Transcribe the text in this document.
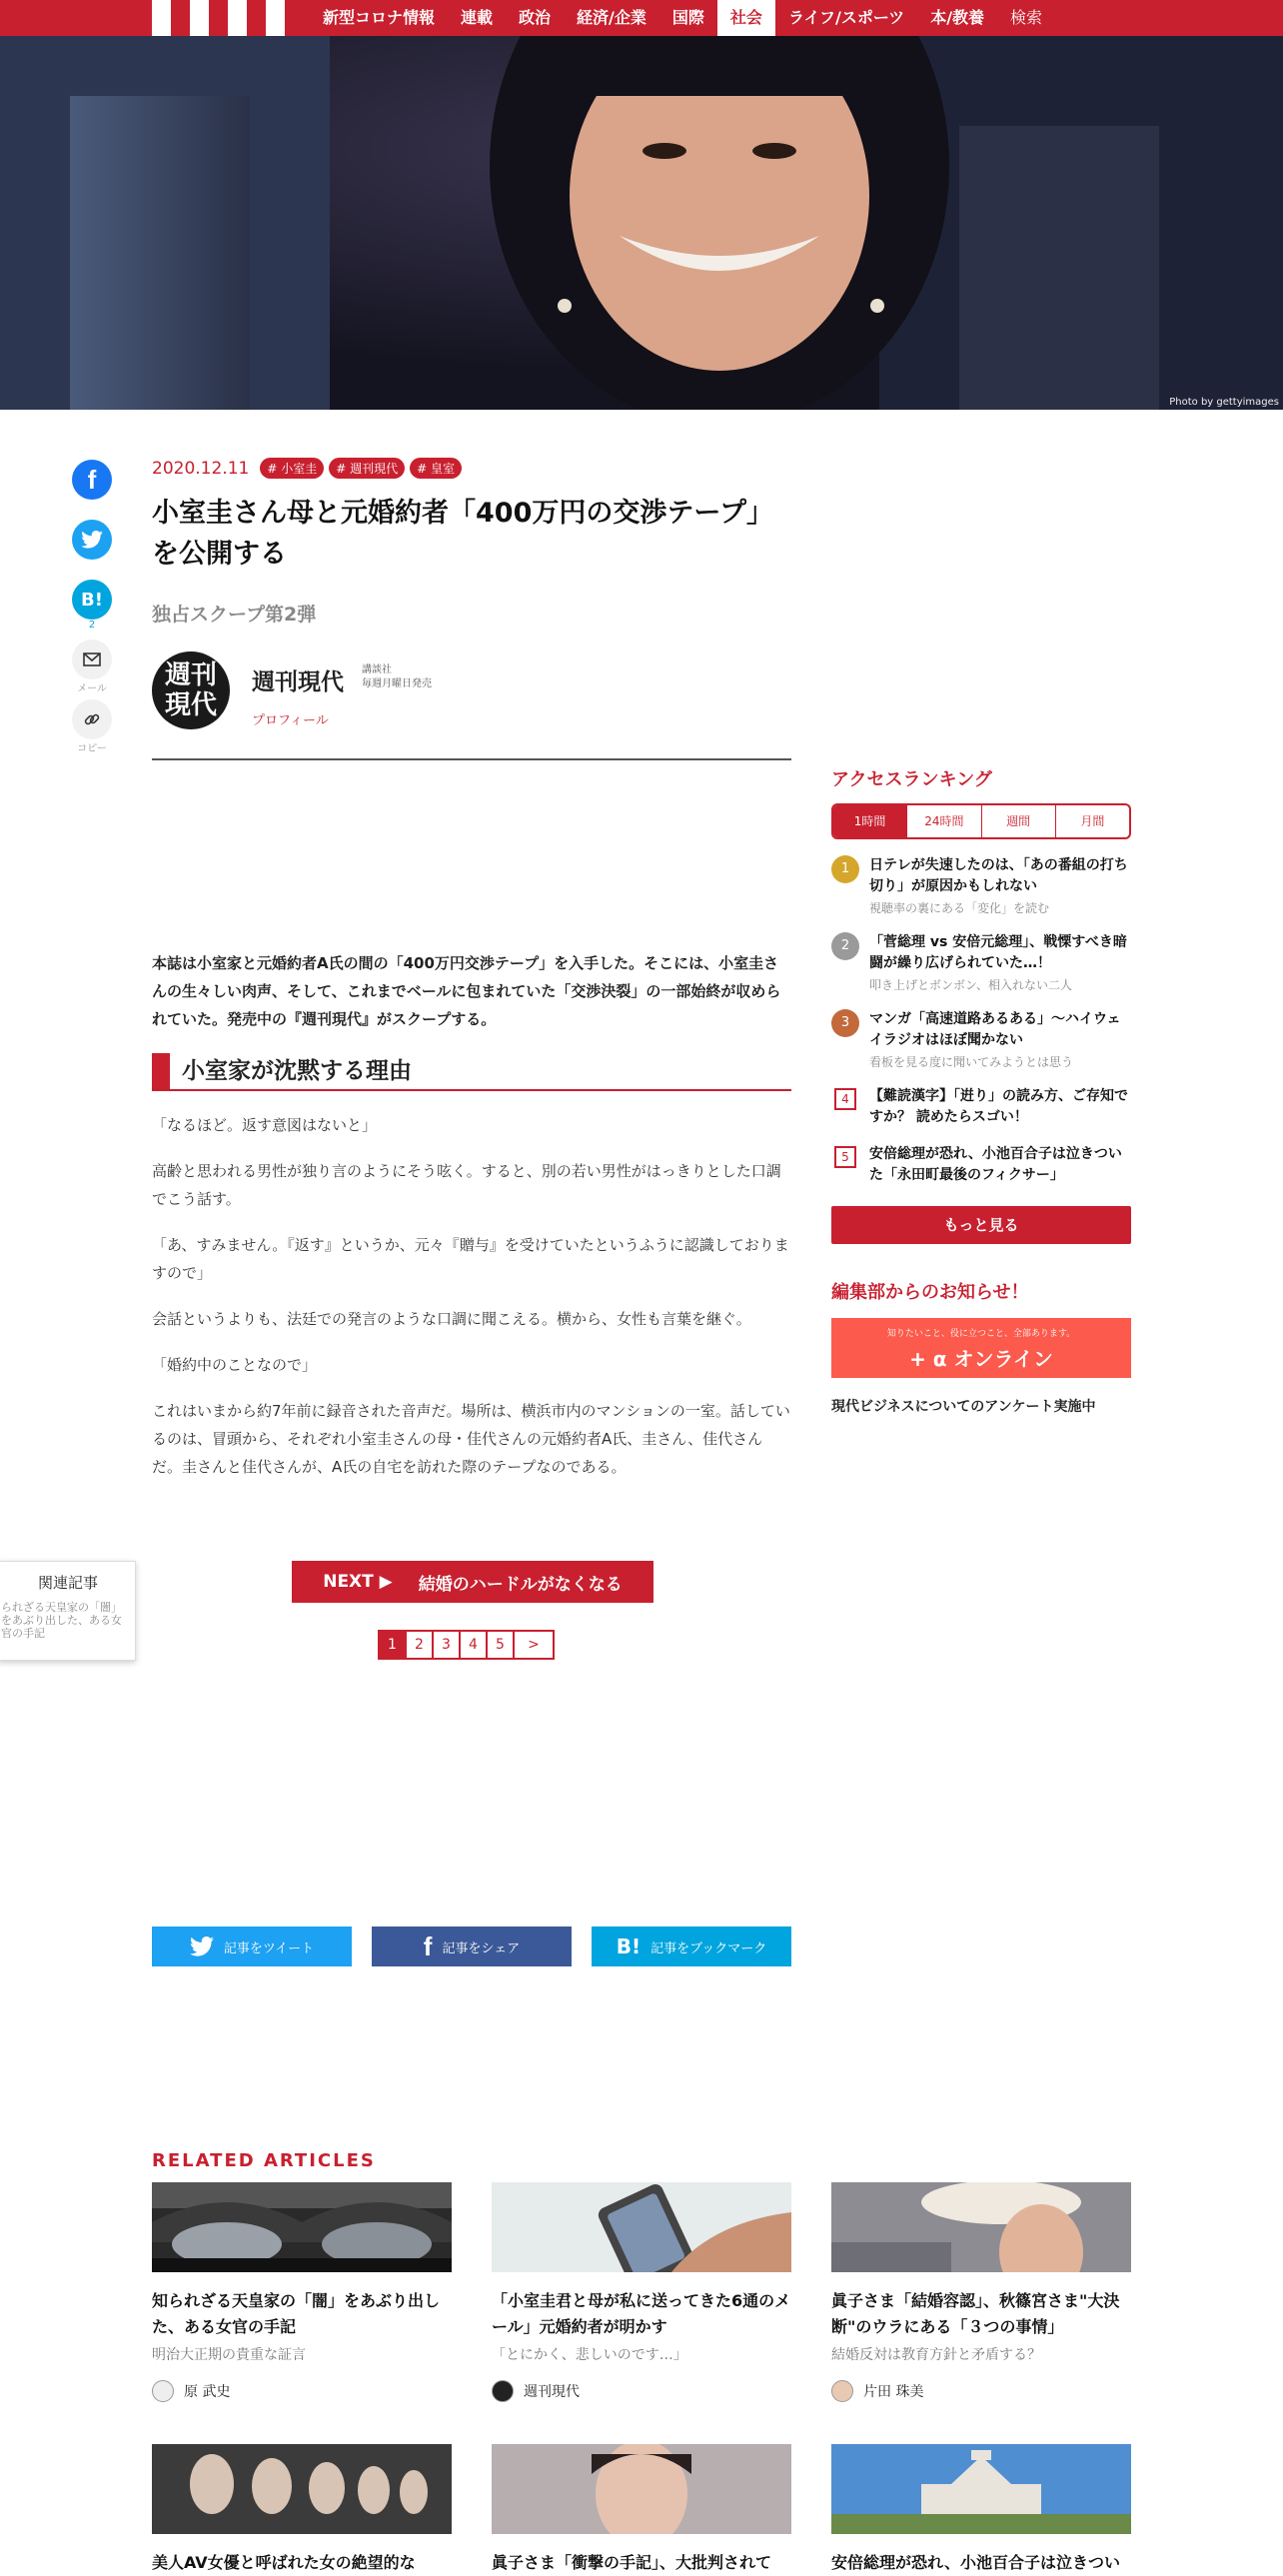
新型コロナ情報	連載	政治	経済/企業	国際	社会	ライフ/スポーツ	本/教養	検索
Photo by gettyimages
f
B!
2
メール
コピー
2020.12.11	# 小室圭	# 週刊現代	# 皇室
小室圭さん母と元婚約者「400万円の交渉テープ」を公開する
独占スクープ第2弾
週刊現代
週刊現代 講談社
毎週月曜日発売
プロフィール

本誌は小室家と元婚約者A氏の間の「400万円交渉テープ」を入手した。そこには、小室圭さんの生々しい肉声、そして、これまでベールに包まれていた「交渉決裂」の一部始終が収められていた。発売中の『週刊現代』がスクープする。

小室家が沈黙する理由

「なるほど。返す意図はないと」

高齢と思われる男性が独り言のようにそう呟く。すると、別の若い男性がはっきりとした口調でこう話す。

「あ、すみません。『返す』というか、元々『贈与』を受けていたというふうに認識しておりますので」

会話というよりも、法廷での発言のような口調に聞こえる。横から、女性も言葉を継ぐ。

「婚約中のことなので」

これはいまから約7年前に録音された音声だ。場所は、横浜市内のマンションの一室。話しているのは、冒頭から、それぞれ小室圭さんの母・佳代さんの元婚約者A氏、圭さん、佳代さんだ。圭さんと佳代さんが、A氏の自宅を訪れた際のテープなのである。

関連記事
られざる天皇家の「闇」をあぶり出した、ある女官の手記
NEXT ▶ 結婚のハードルがなくなる
1	2	3	4	5	>
記事をツイート	f 記事をシェア	B! 記事をブックマーク
アクセスランキング
1時間	24時間	週間	月間
1	日テレが失速したのは、「あの番組の打ち切り」が原因かもしれない
視聴率の裏にある「変化」を読む
2	「菅総理 vs 安倍元総理」、戦慄すべき暗闘が繰り広げられていた…！
叩き上げとボンボン、相入れない二人
3	マンガ「高速道路あるある」〜ハイウェイラジオはほぼ聞かない
看板を見る度に聞いてみようとは思う
4	【難読漢字】「逬り」の読み方、ご存知ですか？ 読めたらスゴい！
5	安倍総理が恐れ、小池百合子は泣きついた「永田町最後のフィクサー」
もっと見る
編集部からのお知らせ！
知りたいこと、役に立つこと、全部あります。
+ α オンライン
現代ビジネスについてのアンケート実施中
RELATED ARTICLES
知られざる天皇家の「闇」をあぶり出した、ある女官の手記
明治大正期の貴重な証言
原 武史
「小室圭君と母が私に送ってきた6通のメール」元婚約者が明かす
「とにかく、悲しいのです…」
週刊現代
眞子さま「結婚容認」、秋篠宮さま"大決断"のウラにある「３つの事情」
結婚反対は教育方針と矛盾する？
片田 珠美
美人AV女優と呼ばれた女の絶望的な	眞子さま「衝撃の手記」、大批判されて	安倍総理が恐れ、小池百合子は泣きつい
